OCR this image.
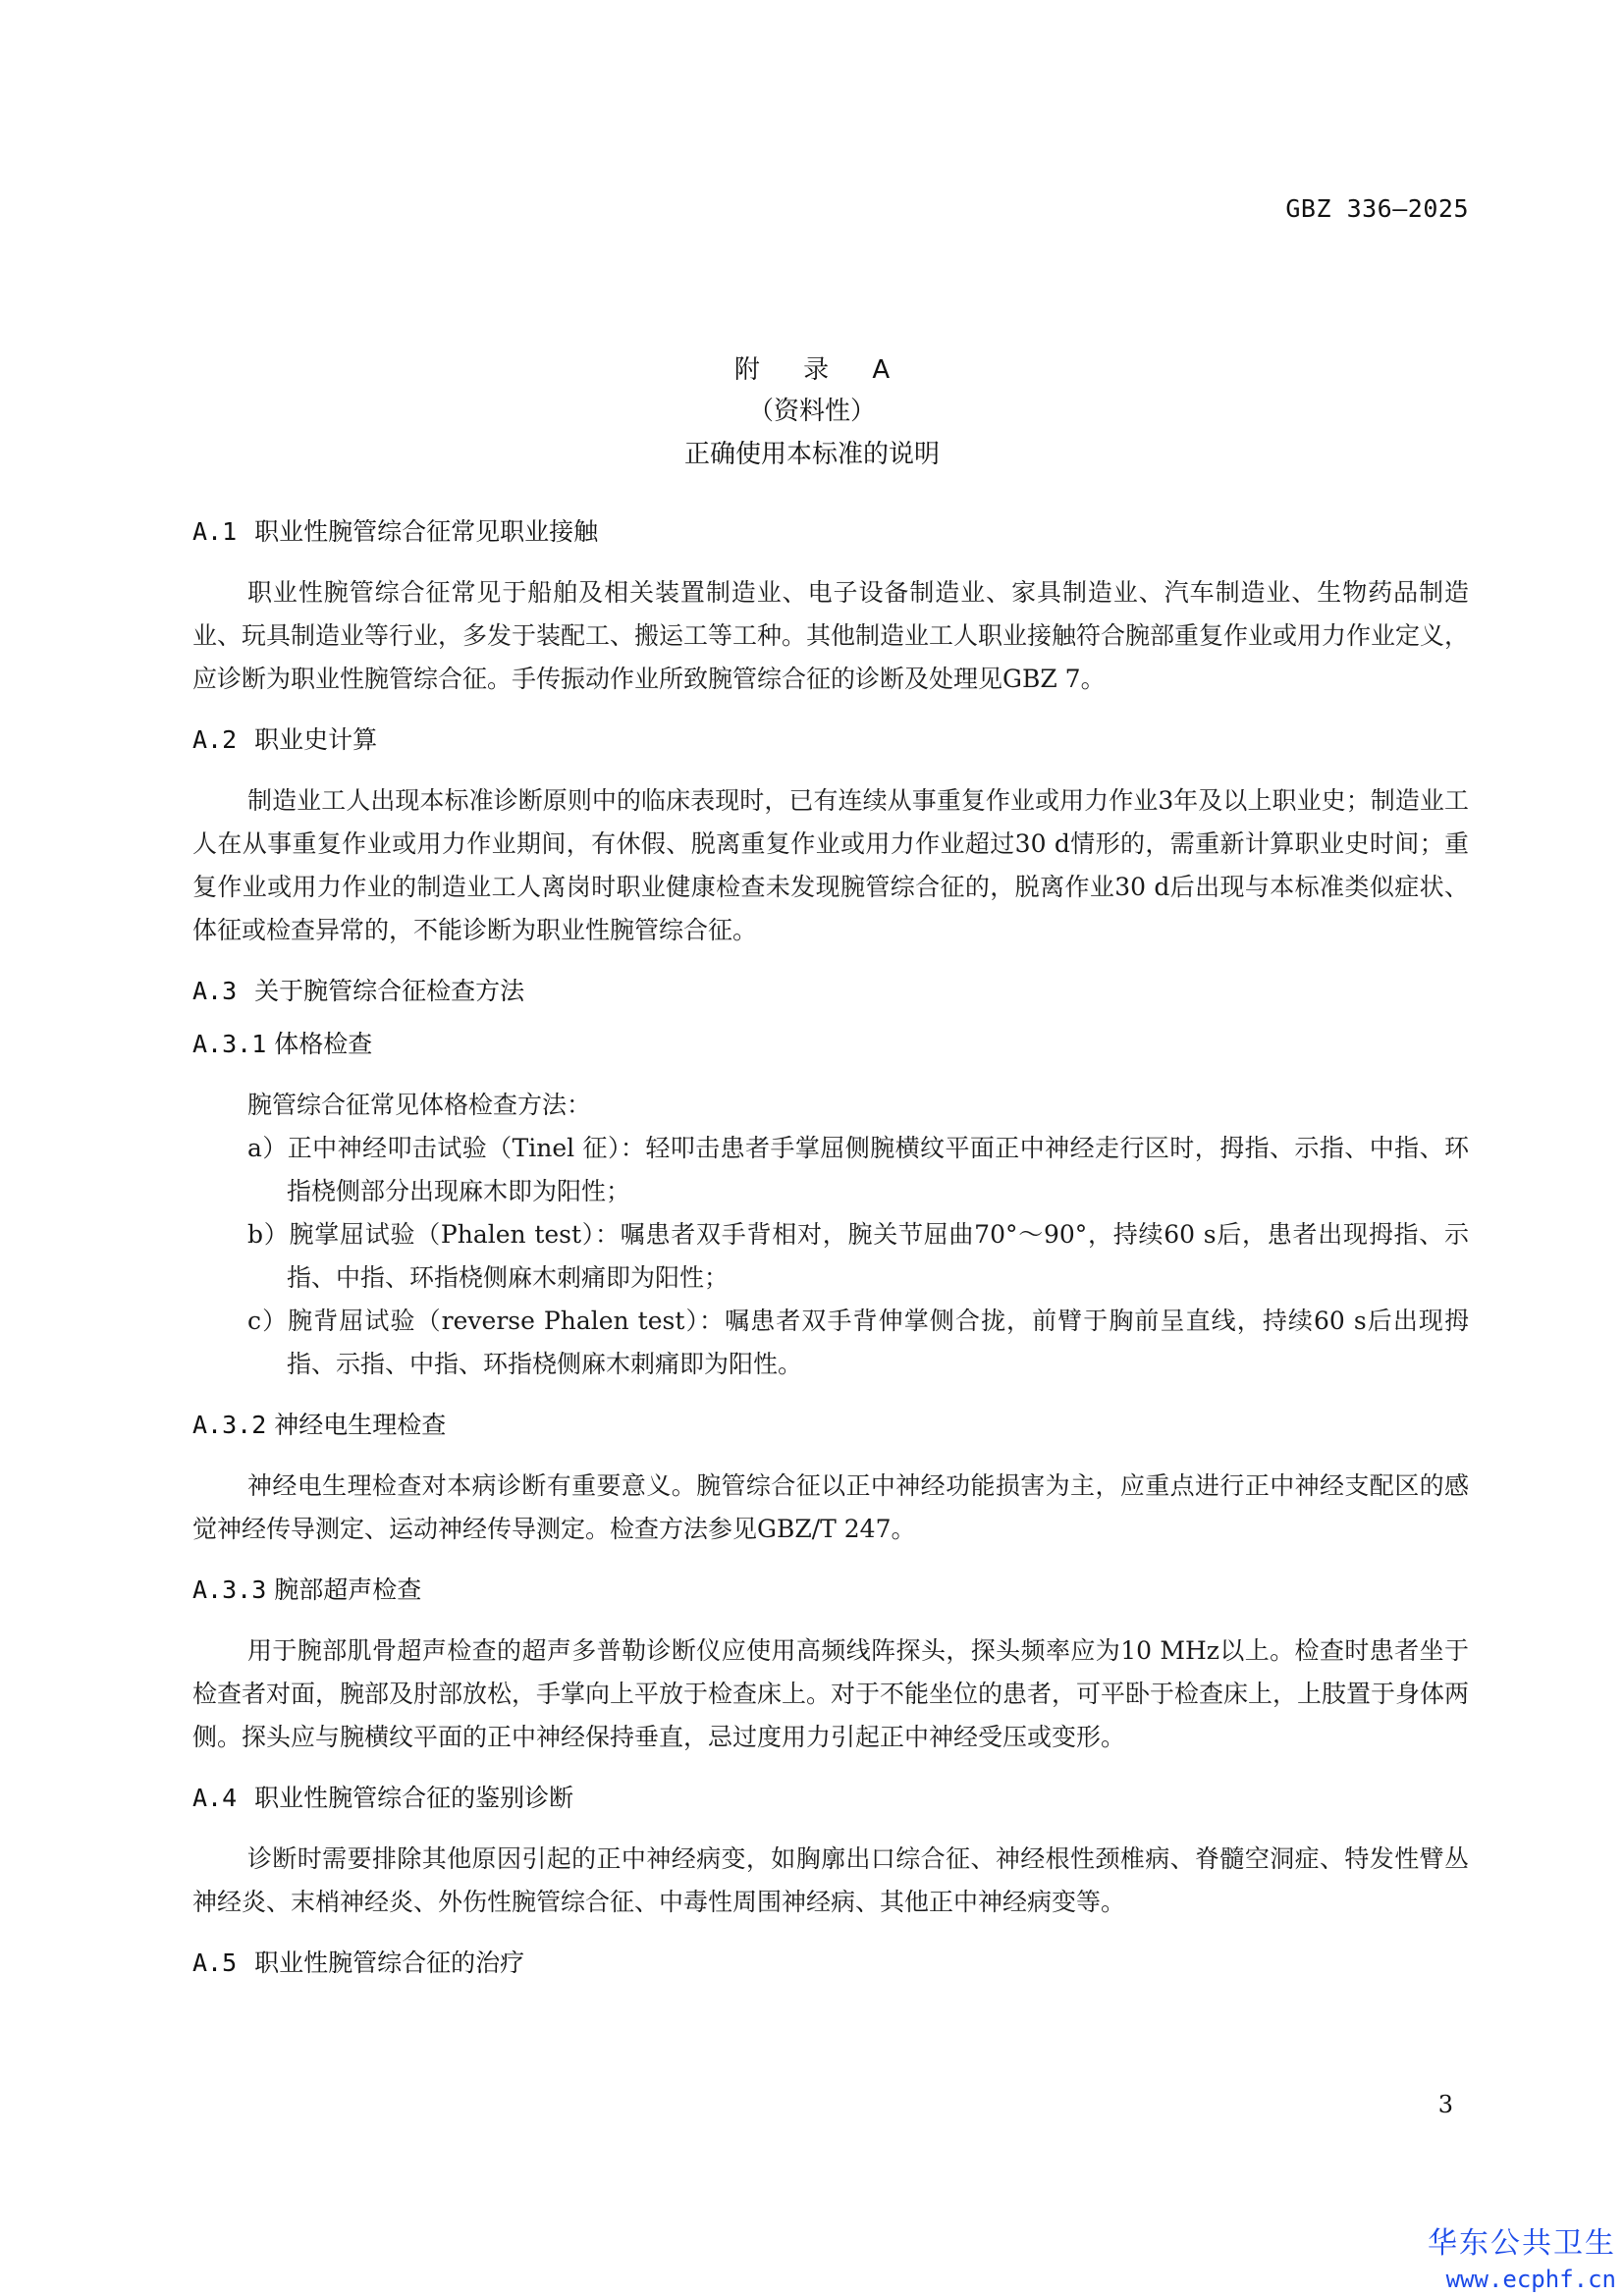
GBZ 336—2025
附 录 A
（资料性）
正确使用本标准的说明
A.1 职业性腕管综合征常见职业接触

职业性腕管综合征常见于船舶及相关装置制造业、电子设备制造业、家具制造业、汽车制造业、生物药品制造业、玩具制造业等行业，多发于装配工、搬运工等工种。其他制造业工人职业接触符合腕部重复作业或用力作业定义，应诊断为职业性腕管综合征。手传振动作业所致腕管综合征的诊断及处理见GBZ 7。

A.2 职业史计算

制造业工人出现本标准诊断原则中的临床表现时，已有连续从事重复作业或用力作业3年及以上职业史；制造业工人在从事重复作业或用力作业期间，有休假、脱离重复作业或用力作业超过30 d情形的，需重新计算职业史时间；重复作业或用力作业的制造业工人离岗时职业健康检查未发现腕管综合征的，脱离作业30 d后出现与本标准类似症状、体征或检查异常的，不能诊断为职业性腕管综合征。

A.3 关于腕管综合征检查方法
A.3.1 体格检查

腕管综合征常见体格检查方法：

a）正中神经叩击试验（Tinel 征）：轻叩击患者手掌屈侧腕横纹平面正中神经走行区时，拇指、示指、中指、环指桡侧部分出现麻木即为阳性；
b）腕掌屈试验（Phalen test）：嘱患者双手背相对，腕关节屈曲70°～90°，持续60 s后，患者出现拇指、示指、中指、环指桡侧麻木刺痛即为阳性；
c）腕背屈试验（reverse Phalen test）：嘱患者双手背伸掌侧合拢，前臂于胸前呈直线，持续60 s后出现拇指、示指、中指、环指桡侧麻木刺痛即为阳性。
A.3.2 神经电生理检查

神经电生理检查对本病诊断有重要意义。腕管综合征以正中神经功能损害为主，应重点进行正中神经支配区的感觉神经传导测定、运动神经传导测定。检查方法参见GBZ/T 247。

A.3.3 腕部超声检查

用于腕部肌骨超声检查的超声多普勒诊断仪应使用高频线阵探头，探头频率应为10 MHz以上。检查时患者坐于检查者对面，腕部及肘部放松，手掌向上平放于检查床上。对于不能坐位的患者，可平卧于检查床上，上肢置于身体两侧。探头应与腕横纹平面的正中神经保持垂直，忌过度用力引起正中神经受压或变形。

A.4 职业性腕管综合征的鉴别诊断

诊断时需要排除其他原因引起的正中神经病变，如胸廓出口综合征、神经根性颈椎病、脊髓空洞症、特发性臂丛神经炎、末梢神经炎、外伤性腕管综合征、中毒性周围神经病、其他正中神经病变等。

A.5 职业性腕管综合征的治疗
3
华东公共卫生
www.ecphf.cn
